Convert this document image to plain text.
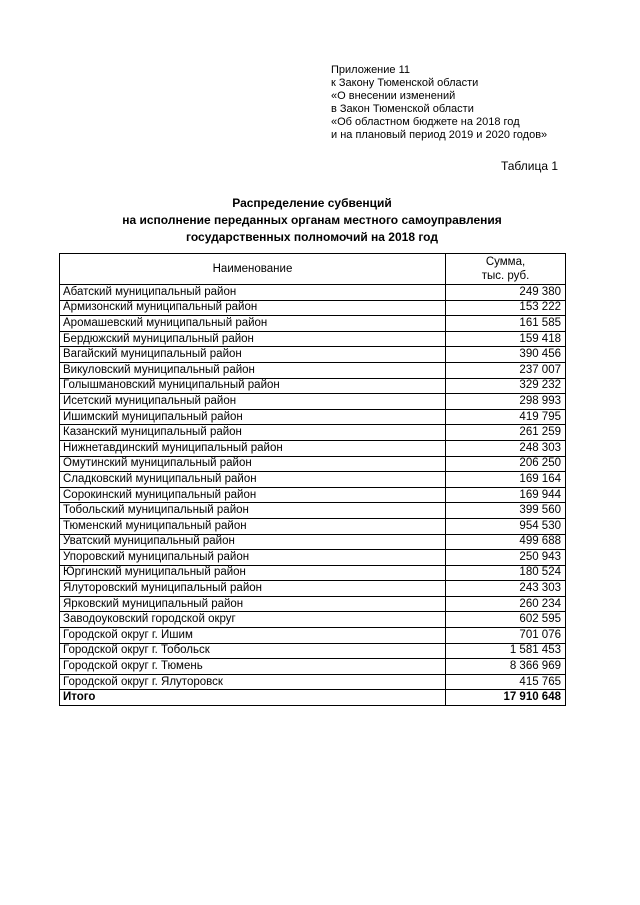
Приложение 11
к Закону Тюменской области
«О внесении изменений
в Закон Тюменской области
«Об областном бюджете на 2018 год
и на плановый период 2019 и 2020 годов»
Таблица 1
Распределение субвенций
на исполнение переданных органам местного самоуправления
государственных полномочий на 2018 год
Наименование	Сумма,
тыс. руб.
Абатский муниципальный район	249 380
Армизонский муниципальный район	153 222
Аромашевский муниципальный район	161 585
Бердюжский муниципальный район	159 418
Вагайский муниципальный район	390 456
Викуловский муниципальный район	237 007
Голышмановский муниципальный район	329 232
Исетский муниципальный район	298 993
Ишимский муниципальный район	419 795
Казанский муниципальный район	261 259
Нижнетавдинский муниципальный район	248 303
Омутинский муниципальный район	206 250
Сладковский муниципальный район	169 164
Сорокинский муниципальный район	169 944
Тобольский муниципальный район	399 560
Тюменский муниципальный район	954 530
Уватский муниципальный район	499 688
Упоровский муниципальный район	250 943
Юргинский муниципальный район	180 524
Ялуторовский муниципальный район	243 303
Ярковский муниципальный район	260 234
Заводоуковский городской округ	602 595
Городской округ г. Ишим	701 076
Городской округ г. Тобольск	1 581 453
Городской округ г. Тюмень	8 366 969
Городской округ г. Ялуторовск	415 765
Итого	17 910 648
